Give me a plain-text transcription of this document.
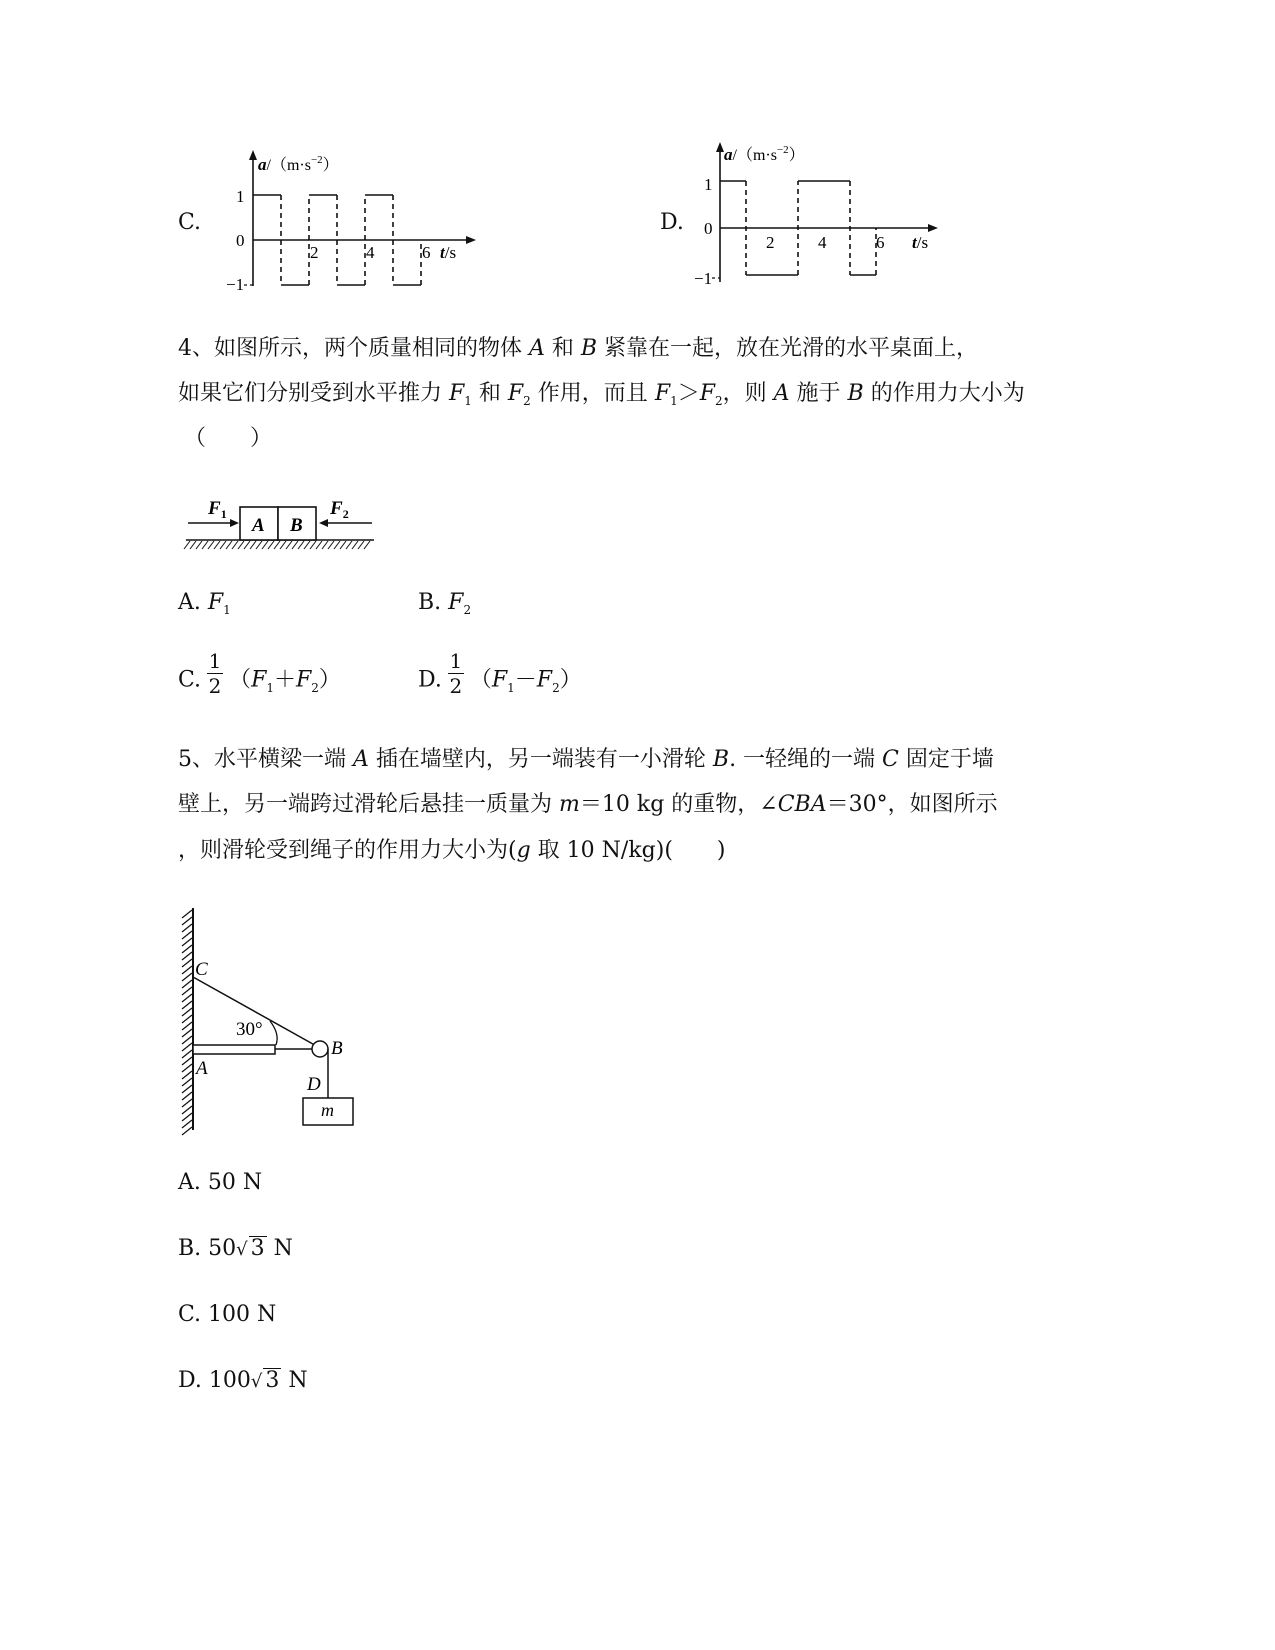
C.
1
0
−1
2	4	6 t/s
$a/(m\cdot s^{-2})$
D.
1
0
−1
2	4	6 t/s
$a/(m\cdot s^{-2})$
4、如图所示，两个质量相同的物体 A 和 B 紧靠在一起，放在光滑的水平桌面上，
如果它们分别受到水平推力 $F_1$ 和 $F_2$ 作用，而且 $F_1>F_2$，则 A 施于 B 的作用力大小为
（　　）
A B
$F_1$	$F_2$
A. $F_1$	B. $F_2$
C. $\frac{1}{2} (F_1+F_2)$	D. $\frac{1}{2} (F_1-F_2)$
5、水平横梁一端 A 插在墙壁内，另一端装有一小滑轮 B. 一轻绳的一端 C 固定于墙
壁上，另一端跨过滑轮后悬挂一质量为 m＝10 kg 的重物，∠CBA＝30°，如图所示
，则滑轮受到绳子的作用力大小为(g 取 10 N/kg)(　　)
C
A
B
D
m
30°
A. 50 N
B. 50√ 3 N
C. 100 N
D. 100√ 3 N
